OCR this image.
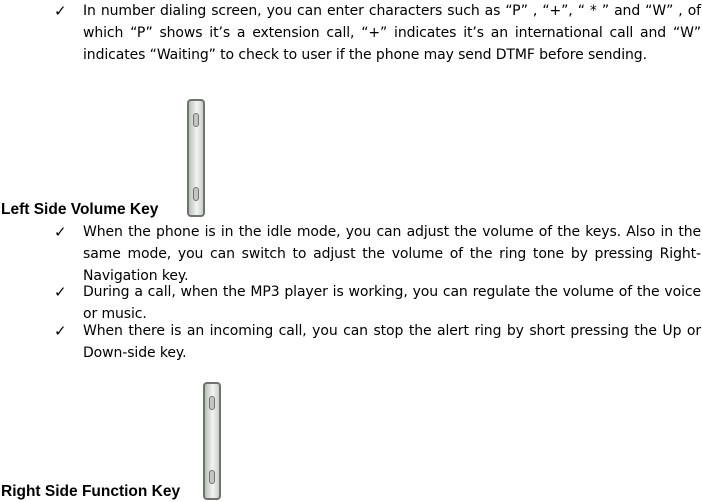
✓ In number dialing screen, you can enter characters such as “P” , “+”, “ * ” and “W” , of which “P” shows it’s a extension call, “+” indicates it’s an international call and “W” indicates “Waiting” to check to user if the phone may send DTMF before sending.
Left Side Volume Key
✓ When the phone is in the idle mode, you can adjust the volume of the keys. Also in the same mode, you can switch to adjust the volume of the ring tone by pressing Right- Navigation key.
✓ During a call, when the MP3 player is working, you can regulate the volume of the voice or music.
✓ When there is an incoming call, you can stop the alert ring by short pressing the Up or Down-side key.
Right Side Function Key
